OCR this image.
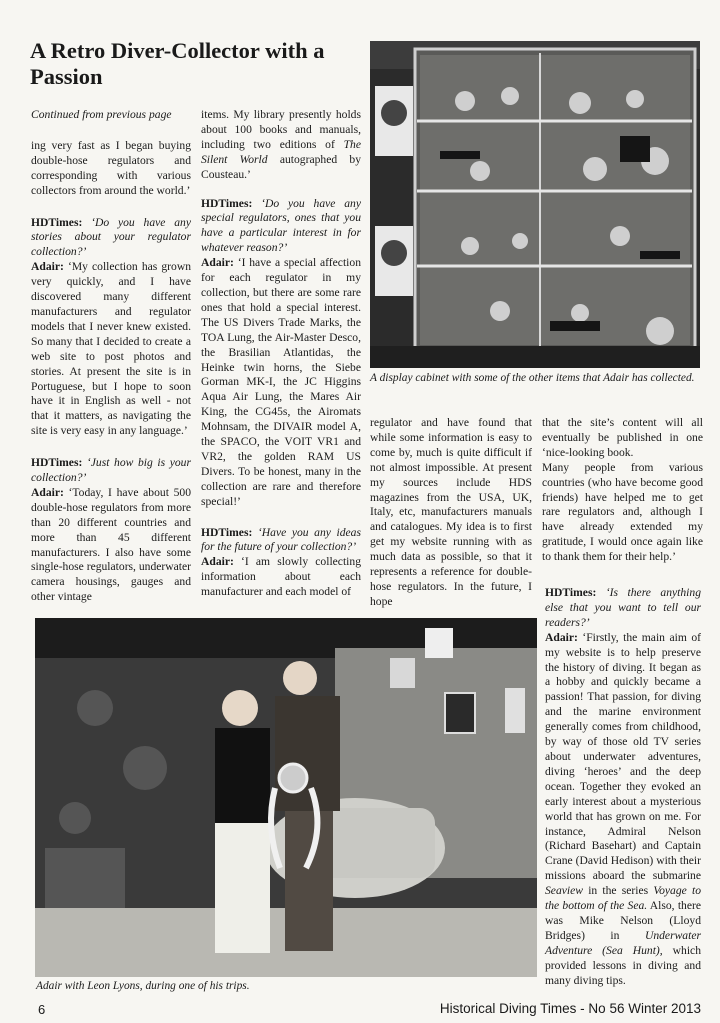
A Retro Diver-Collector with a Passion

Continued from previous page

ing very fast as I began buying double-hose regulators and corresponding with various collectors from around the world.’

HDTimes: ‘Do you have any stories about your regulator collection?’

Adair: ‘My collection has grown very quickly, and I have discovered many different manufacturers and regulator models that I never knew existed. So many that I decided to create a web site to post photos and stories. At present the site is in Portuguese, but I hope to soon have it in English as well - not that it matters, as navigating the site is very easy in any language.’

HDTimes: ‘Just how big is your collection?’

Adair: ‘Today, I have about 500 double-hose regulators from more than 20 different countries and more than 45 different manufacturers. I also have some single-hose regulators, underwater camera housings, gauges and other vintage

items. My library presently holds about 100 books and manuals, including two editions of The Silent World autographed by Cousteau.’

HDTimes: ‘Do you have any special regulators, ones that you have a particular interest in for whatever reason?’

Adair: ‘I have a special affection for each regulator in my collection, but there are some rare ones that hold a special interest. The US Divers Trade Marks, the TOA Lung, the Air-Master Desco, the Brasilian Atlantidas, the Heinke twin horns, the Siebe Gorman MK-I, the JC Higgins Aqua Air Lung, the Mares Air King, the CG45s, the Airomats Mohnsam, the DIVAIR model A, the SPACO, the VOIT VR1 and VR2, the golden RAM US Divers. To be honest, many in the collection are rare and therefore special!’

HDTimes: ‘Have you any ideas for the future of your collection?’

Adair: ‘I am slowly collecting information about each manufacturer and each model of

A display cabinet with some of the other items that Adair has collected.

regulator and have found that while some information is easy to come by, much is quite difficult if not almost impossible. At present my sources include HDS magazines from the USA, UK, Italy, etc, manufacturers manuals and catalogues. My idea is to first get my website running with as much data as possible, so that it represents a reference for double-hose regulators. In the future, I hope

that the site’s content will all eventually be published in one ‘nice-looking book.

Many people from various countries (who have become good friends) have helped me to get rare regulators and, although I have already extended my gratitude, I would once again like to thank them for their help.’

HDTimes: ‘Is there anything else that you want to tell our readers?’

Adair: ‘Firstly, the main aim of my website is to help preserve the history of diving. It began as a hobby and quickly became a passion! That passion, for diving and the marine environment generally comes from childhood, by way of those old TV series about underwater adventures, diving ‘heroes’ and the deep ocean. Together they evoked an early interest about a mysterious world that has grown on me. For instance, Admiral Nelson (Richard Basehart) and Captain Crane (David Hedison) with their missions aboard the submarine Seaview in the series Voyage to the bottom of the Sea. Also, there was Mike Nelson (Lloyd Bridges) in Underwater Adventure (Sea Hunt), which provided lessons in diving and many diving tips.

Adair with Leon Lyons, during one of his trips.
6	Historical Diving Times - No 56 Winter 2013
